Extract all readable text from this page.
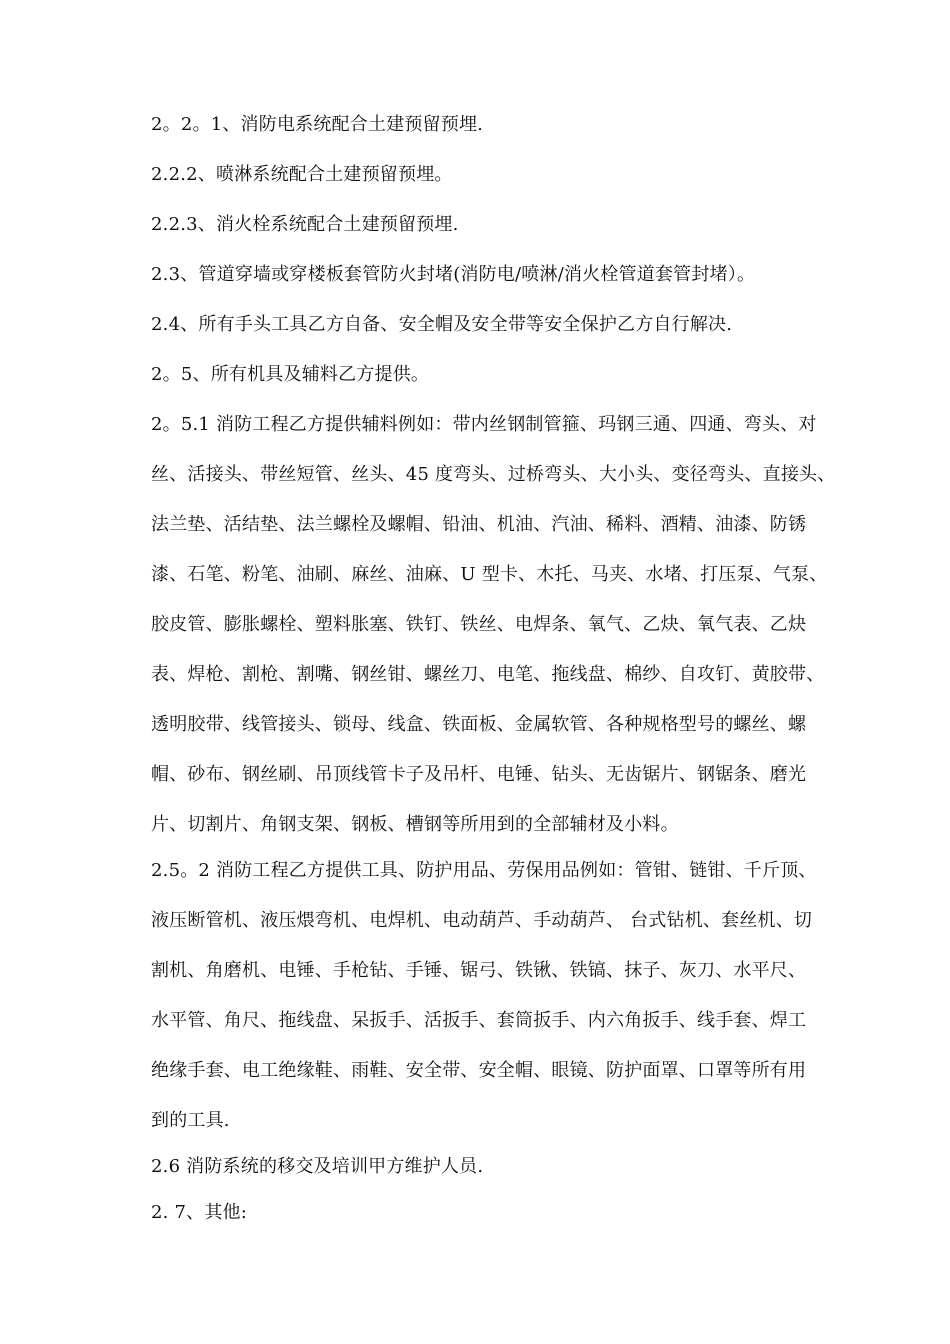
2。2。1、消防电系统配合土建预留预埋.
2.2.2、喷淋系统配合土建预留预埋。
2.2.3、消火栓系统配合土建预留预埋.
2.3、管道穿墙或穿楼板套管防火封堵(消防电/喷淋/消火栓管道套管封堵）。
2.4、所有手头工具乙方自备、安全帽及安全带等安全保护乙方自行解决.
2。5、所有机具及辅料乙方提供。
2。5.1 消防工程乙方提供辅料例如：带内丝钢制管箍、玛钢三通、四通、弯头、对
丝、活接头、带丝短管、丝头、45 度弯头、过桥弯头、大小头、变径弯头、直接头、
法兰垫、活结垫、法兰螺栓及螺帽、铅油、机油、汽油、稀料、酒精、油漆、防锈
漆、石笔、粉笔、油刷、麻丝、油麻、U 型卡、木托、马夹、水堵、打压泵、气泵、
胶皮管、膨胀螺栓、塑料胀塞、铁钉、铁丝、电焊条、氧气、乙炔、氧气表、乙炔
表、焊枪、割枪、割嘴、钢丝钳、螺丝刀、电笔、拖线盘、棉纱、自攻钉、黄胶带、
透明胶带、线管接头、锁母、线盒、铁面板、金属软管、各种规格型号的螺丝、螺
帽、砂布、钢丝刷、吊顶线管卡子及吊杆、电锤、钻头、无齿锯片、钢锯条、磨光
片、切割片、角钢支架、钢板、槽钢等所用到的全部辅材及小料。
2.5。2 消防工程乙方提供工具、防护用品、劳保用品例如：管钳、链钳、千斤顶、
液压断管机、液压煨弯机、电焊机、电动葫芦、手动葫芦、 台式钻机、套丝机、切
割机、角磨机、电锤、手枪钻、手锤、锯弓、铁锹、铁镐、抹子、灰刀、水平尺、
水平管、角尺、拖线盘、呆扳手、活扳手、套筒扳手、内六角扳手、线手套、焊工
绝缘手套、电工绝缘鞋、雨鞋、安全带、安全帽、眼镜、防护面罩、口罩等所有用
到的工具.
2.6 消防系统的移交及培训甲方维护人员.
2. 7、其他:
